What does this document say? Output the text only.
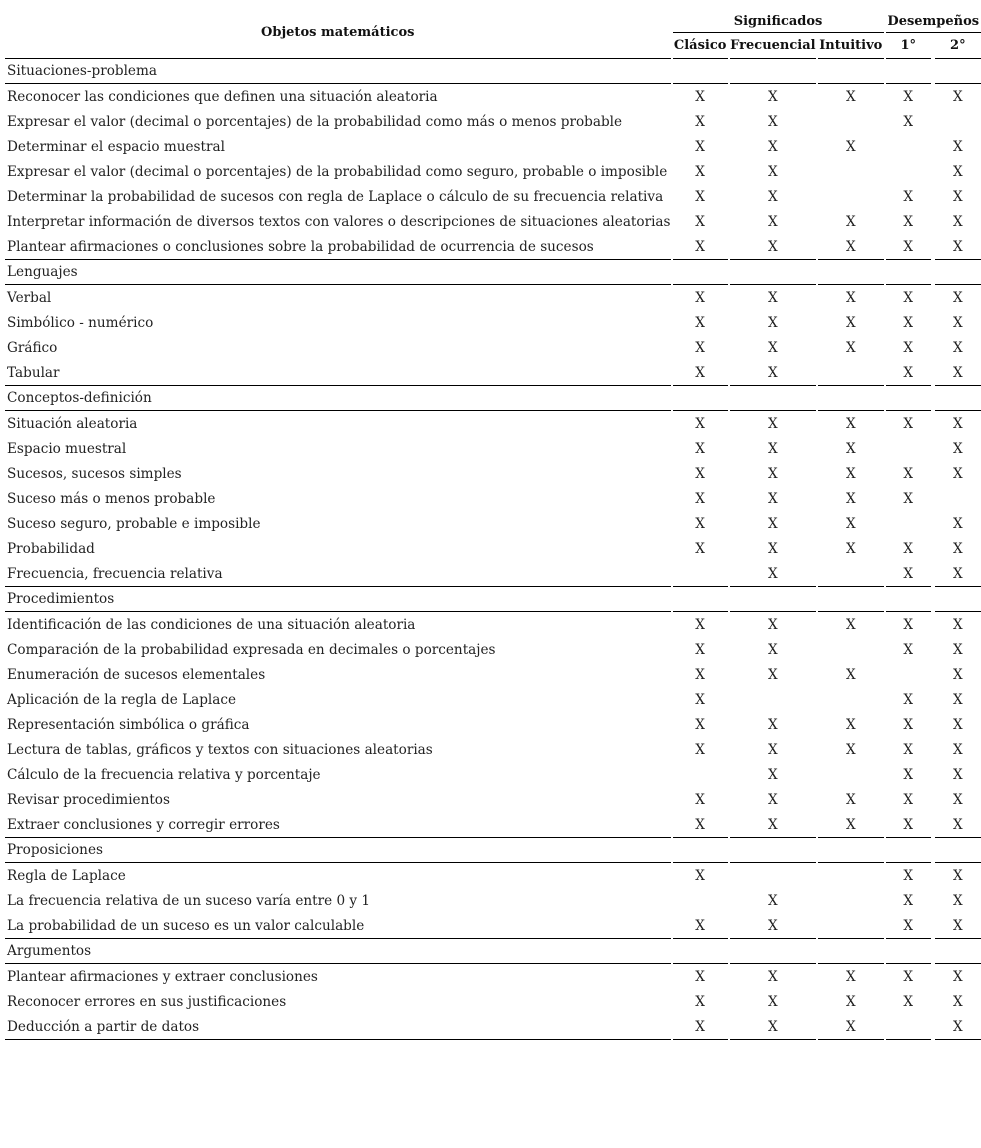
Objetos matemáticos		Significados						Desempeños		
		Clásico		Frecuencial		Intuitivo		1°		2°
Situaciones-problema										
Reconocer las condiciones que definen una situación aleatoria		X		X		X		X		X
Expresar el valor (decimal o porcentajes) de la probabilidad como más o menos probable		X		X				X		
Determinar el espacio muestral		X		X		X				X
Expresar el valor (decimal o porcentajes) de la probabilidad como seguro, probable o imposible		X		X						X
Determinar la probabilidad de sucesos con regla de Laplace o cálculo de su frecuencia relativa		X		X				X		X
Interpretar información de diversos textos con valores o descripciones de situaciones aleatorias		X		X		X		X		X
Plantear afirmaciones o conclusiones sobre la probabilidad de ocurrencia de sucesos		X		X		X		X		X
Lenguajes										
Verbal		X		X		X		X		X
Simbólico - numérico		X		X		X		X		X
Gráfico		X		X		X		X		X
Tabular		X		X				X		X
Conceptos-definición										
Situación aleatoria		X		X		X		X		X
Espacio muestral		X		X		X				X
Sucesos, sucesos simples		X		X		X		X		X
Suceso más o menos probable		X		X		X		X		
Suceso seguro, probable e imposible		X		X		X				X
Probabilidad		X		X		X		X		X
Frecuencia, frecuencia relativa				X				X		X
Procedimientos										
Identificación de las condiciones de una situación aleatoria		X		X		X		X		X
Comparación de la probabilidad expresada en decimales o porcentajes		X		X				X		X
Enumeración de sucesos elementales		X		X		X				X
Aplicación de la regla de Laplace		X						X		X
Representación simbólica o gráfica		X		X		X		X		X
Lectura de tablas, gráficos y textos con situaciones aleatorias		X		X		X		X		X
Cálculo de la frecuencia relativa y porcentaje				X				X		X
Revisar procedimientos		X		X		X		X		X
Extraer conclusiones y corregir errores		X		X		X		X		X
Proposiciones										
Regla de Laplace		X						X		X
La frecuencia relativa de un suceso varía entre 0 y 1				X				X		X
La probabilidad de un suceso es un valor calculable		X		X				X		X
Argumentos										
Plantear afirmaciones y extraer conclusiones		X		X		X		X		X
Reconocer errores en sus justificaciones		X		X		X		X		X
Deducción a partir de datos		X		X		X				X
